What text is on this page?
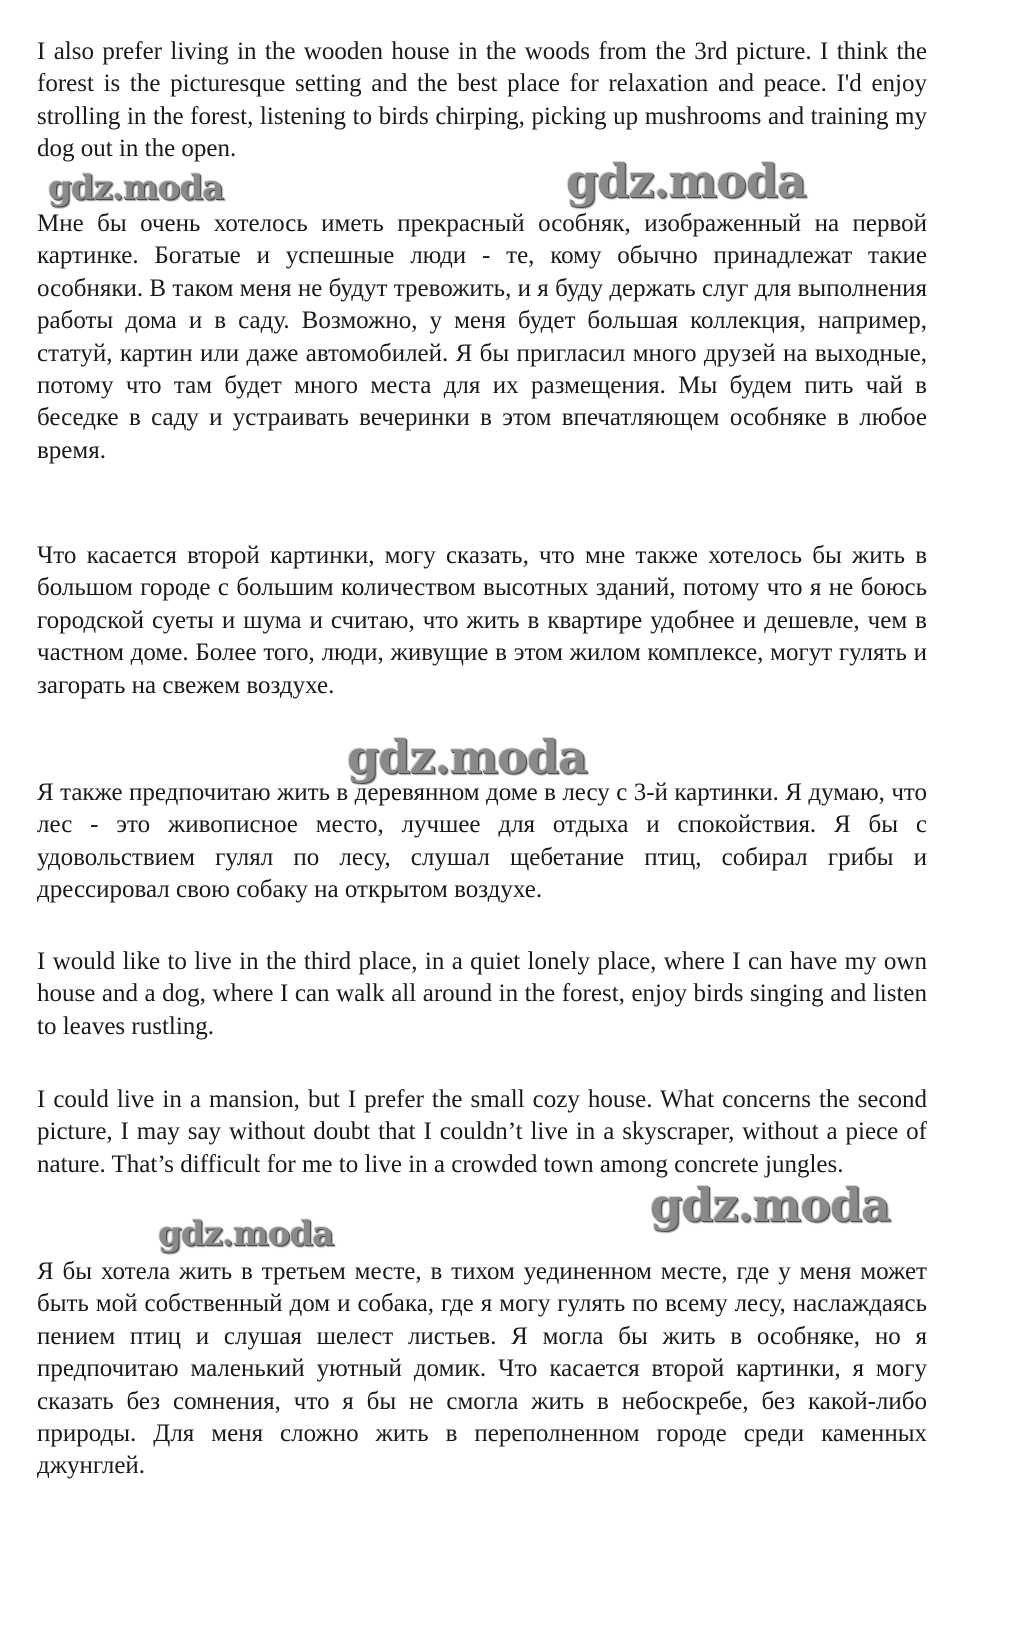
I also prefer living in the wooden house in the woods from the 3rd picture. I think the forest is the picturesque setting and the best place for relaxation and peace. I'd enjoy strolling in the forest, listening to birds chirping, picking up mushrooms and training my dog out in the open.

gdz.moda	gdz.moda

Мне бы очень хотелось иметь прекрасный особняк, изображенный на первой картинке. Богатые и успешные люди - те, кому обычно принадлежат такие особняки. В таком меня не будут тревожить, и я буду держать слуг для выполнения работы дома и в саду. Возможно, у меня будет большая коллекция, например, статуй, картин или даже автомобилей. Я бы пригласил много друзей на выходные, потому что там будет много места для их размещения. Мы будем пить чай в беседке в саду и устраивать вечеринки в этом впечатляющем особняке в любое время.

Что касается второй картинки, могу сказать, что мне также хотелось бы жить в большом городе с большим количеством высотных зданий, потому что я не боюсь городской суеты и шума и считаю, что жить в квартире удобнее и дешевле, чем в частном доме. Более того, люди, живущие в этом жилом комплексе, могут гулять и загорать на свежем воздухе.

gdz.moda

Я также предпочитаю жить в деревянном доме в лесу с 3-й картинки. Я думаю, что лес - это живописное место, лучшее для отдыха и спокойствия. Я бы с удовольствием гулял по лесу, слушал щебетание птиц, собирал грибы и дрессировал свою собаку на открытом воздухе.

I would like to live in the third place, in a quiet lonely place, where I can have my own house and a dog, where I can walk all around in the forest, enjoy birds singing and listen to leaves rustling.

I could live in a mansion, but I prefer the small cozy house. What concerns the second picture, I may say without doubt that I couldn’t live in a skyscraper, without a piece of nature. That’s difficult for me to live in a crowded town among concrete jungles.

gdz.moda
gdz.moda

Я бы хотела жить в третьем месте, в тихом уединенном месте, где у меня может быть мой собственный дом и собака, где я могу гулять по всему лесу, наслаждаясь пением птиц и слушая шелест листьев. Я могла бы жить в особняке, но я предпочитаю маленький уютный домик. Что касается второй картинки, я могу сказать без сомнения, что я бы не смогла жить в небоскребе, без какой-либо природы. Для меня сложно жить в переполненном городе среди каменных джунглей.
